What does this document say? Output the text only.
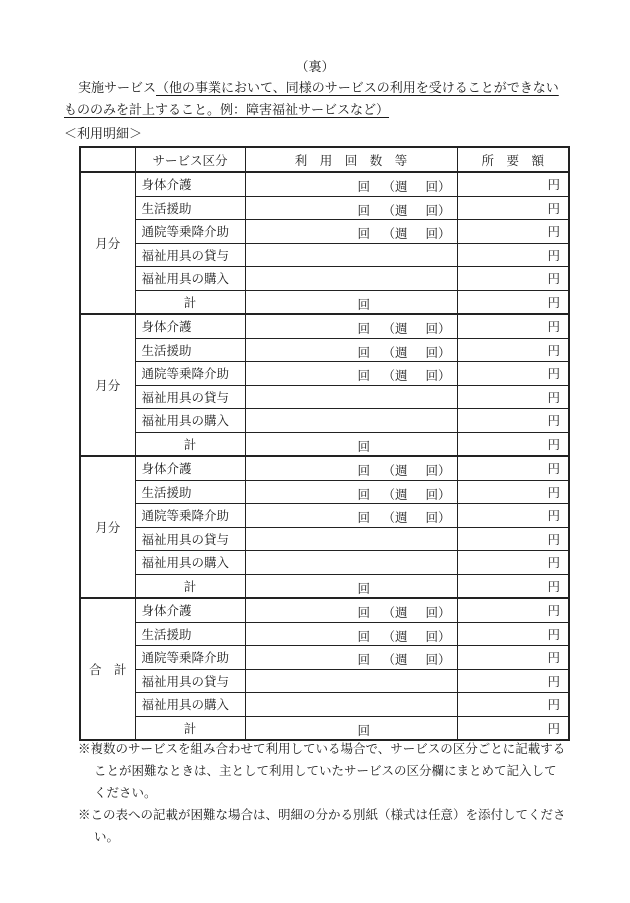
（裏）
実施サービス（他の事業において、同様のサービスの利用を受けることができないもののみを計上すること。例：障害福祉サービスなど）
＜利用明細＞
	サービス区分	利　用　回　数　等	所　要　額
月分	身体介護	回 （週 回）	円
	生活援助	回 （週 回）	円
	通院等乗降介助	回 （週 回）	円
	福祉用具の貸与		円
	福祉用具の購入		円
	計	回	円
月分	身体介護	回 （週 回）	円
	生活援助	回 （週 回）	円
	通院等乗降介助	回 （週 回）	円
	福祉用具の貸与		円
	福祉用具の購入		円
	計	回	円
月分	身体介護	回 （週 回）	円
	生活援助	回 （週 回）	円
	通院等乗降介助	回 （週 回）	円
	福祉用具の貸与		円
	福祉用具の購入		円
	計	回	円
合　計	身体介護	回 （週 回）	円
	生活援助	回 （週 回）	円
	通院等乗降介助	回 （週 回）	円
	福祉用具の貸与		円
	福祉用具の購入		円
	計	回	円
※複数のサービスを組み合わせて利用している場合で、サービスの区分ごとに記載することが困難なときは、主として利用していたサービスの区分欄にまとめて記入してください。
※この表への記載が困難な場合は、明細の分かる別紙（様式は任意）を添付してください。
